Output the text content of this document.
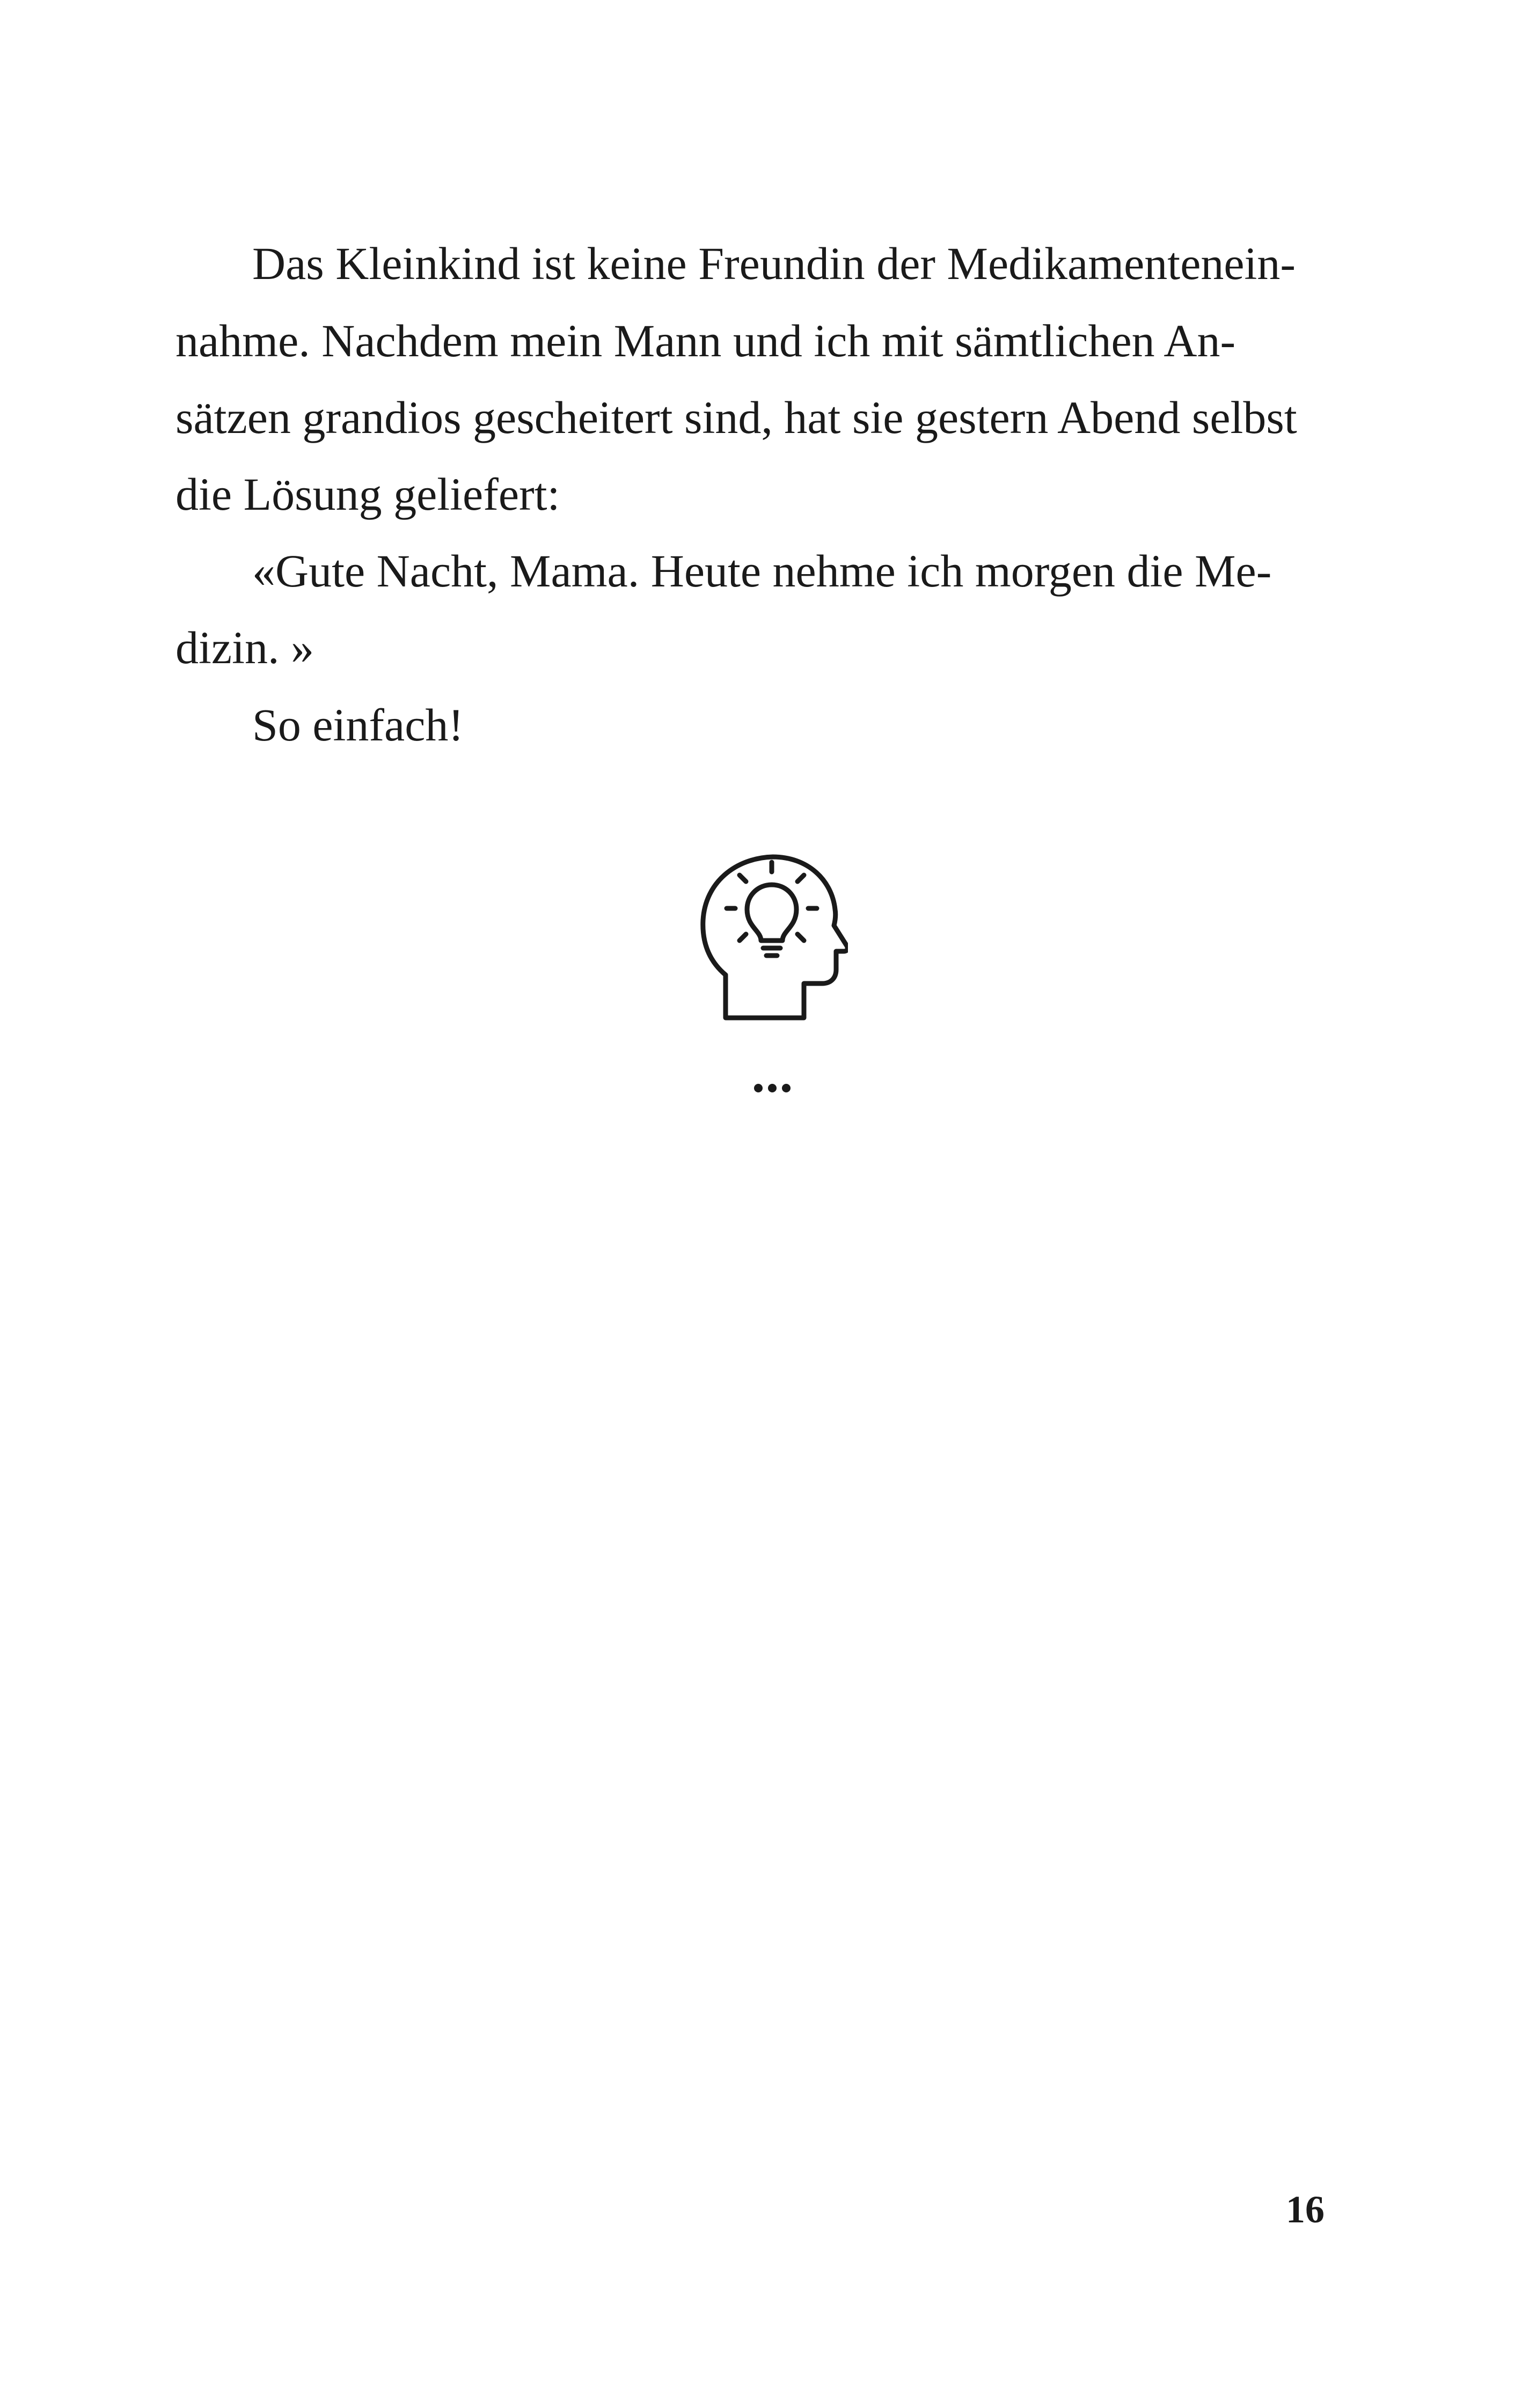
Das Kleinkind ist keine Freundin der Medikamentenein-
nahme. Nachdem mein Mann und ich mit sämtlichen An-
sätzen grandios gescheitert sind, hat sie gestern Abend selbst
die Lösung geliefert:
«Gute Nacht, Mama. Heute nehme ich morgen die Me-
dizin. »
So einfach!
16
